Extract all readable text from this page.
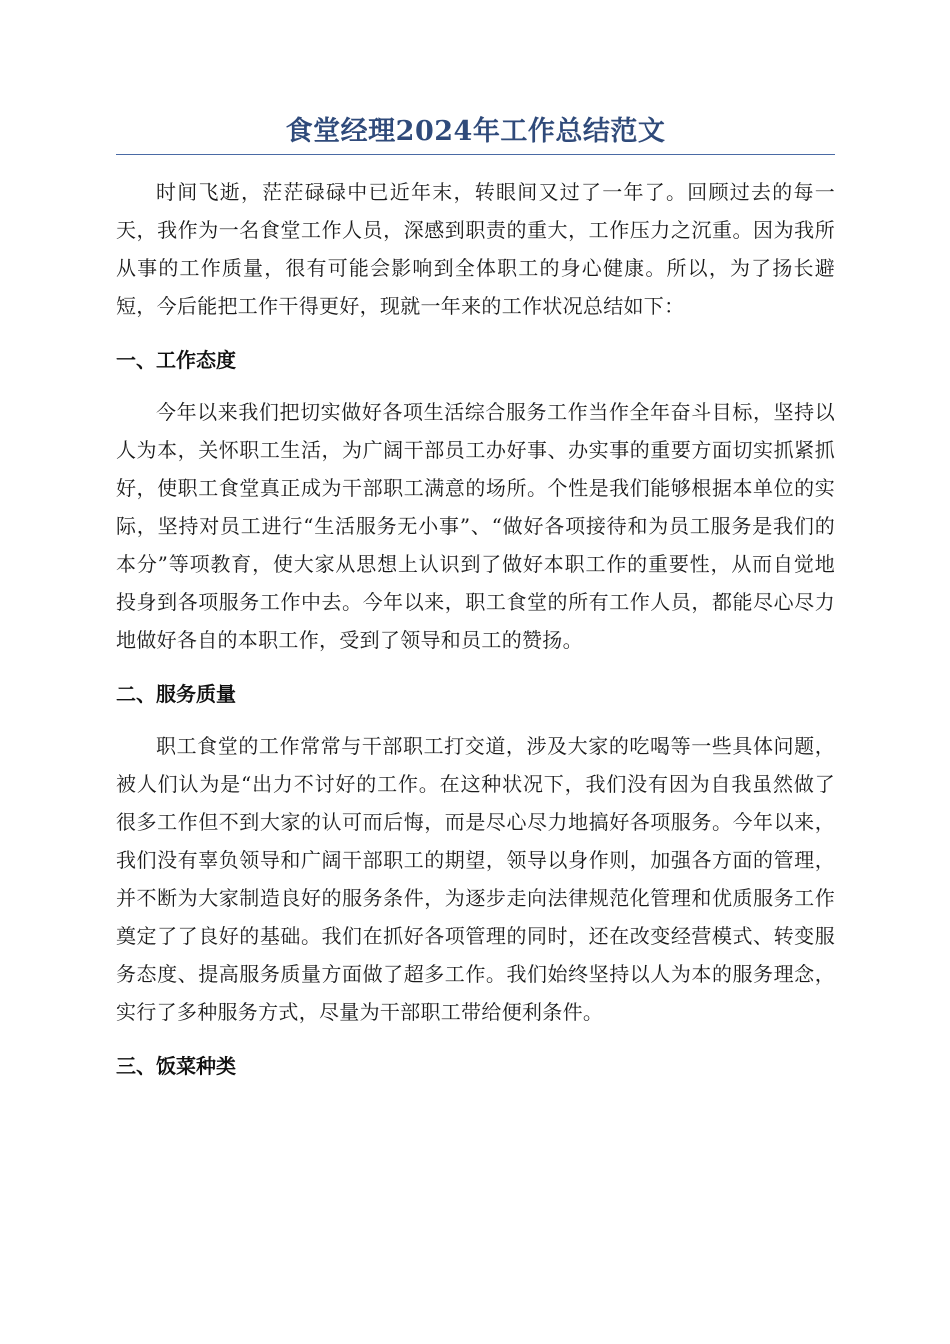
食堂经理2024年工作总结范文

时间飞逝，茫茫碌碌中已近年末，转眼间又过了一年了。回顾过去的每一天，我作为一名食堂工作人员，深感到职责的重大，工作压力之沉重。因为我所从事的工作质量，很有可能会影响到全体职工的身心健康。所以，为了扬长避短，今后能把工作干得更好，现就一年来的工作状况总结如下：

一、工作态度

今年以来我们把切实做好各项生活综合服务工作当作全年奋斗目标，坚持以人为本，关怀职工生活，为广阔干部员工办好事、办实事的重要方面切实抓紧抓好，使职工食堂真正成为干部职工满意的场所。个性是我们能够根据本单位的实际，坚持对员工进行“生活服务无小事”、“做好各项接待和为员工服务是我们的本分”等项教育，使大家从思想上认识到了做好本职工作的重要性，从而自觉地投身到各项服务工作中去。今年以来，职工食堂的所有工作人员，都能尽心尽力地做好各自的本职工作，受到了领导和员工的赞扬。

二、服务质量

职工食堂的工作常常与干部职工打交道，涉及大家的吃喝等一些具体问题，被人们认为是“出力不讨好的工作。在这种状况下，我们没有因为自我虽然做了很多工作但不到大家的认可而后悔，而是尽心尽力地搞好各项服务。今年以来，我们没有辜负领导和广阔干部职工的期望，领导以身作则，加强各方面的管理，并不断为大家制造良好的服务条件，为逐步走向法律规范化管理和优质服务工作奠定了了良好的基础。我们在抓好各项管理的同时，还在改变经营模式、转变服务态度、提高服务质量方面做了超多工作。我们始终坚持以人为本的服务理念，实行了多种服务方式，尽量为干部职工带给便利条件。

三、饭菜种类
